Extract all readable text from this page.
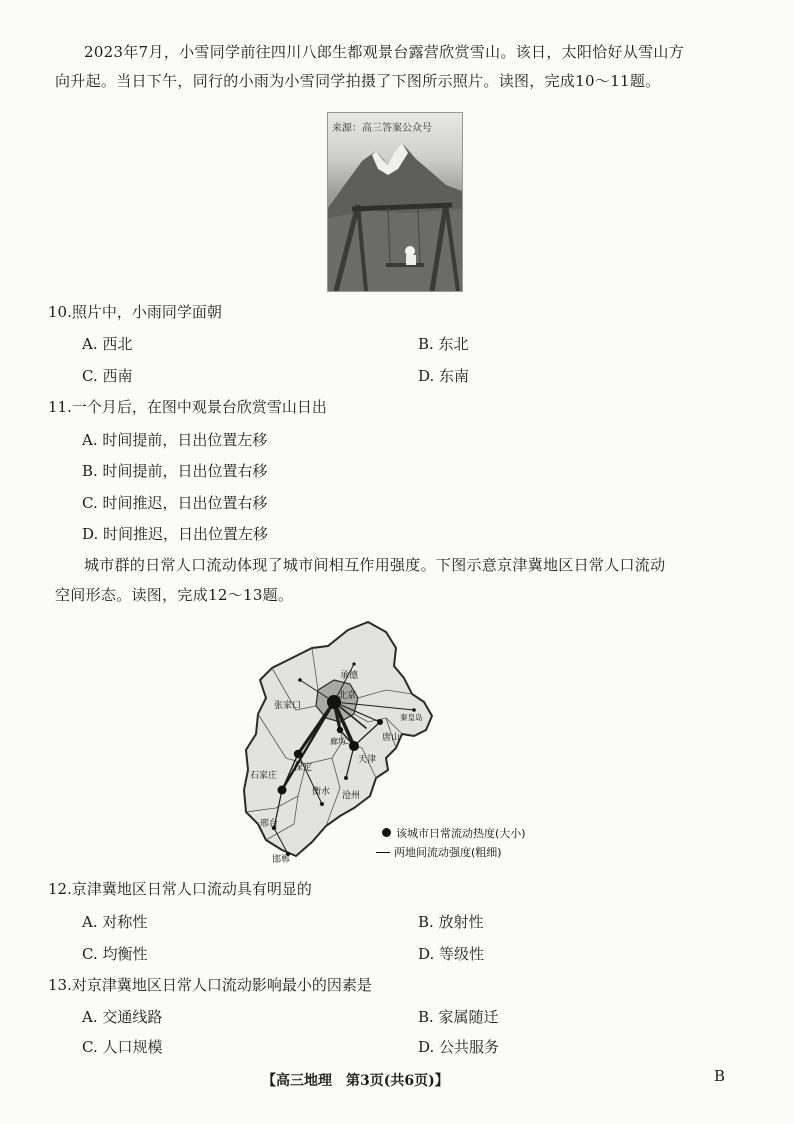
2023年7月，小雪同学前往四川八郎生都观景台露营欣赏雪山。该日，太阳恰好从雪山方
向升起。当日下午，同行的小雨为小雪同学拍摄了下图所示照片。读图，完成10～11题。
来源：高三答案公众号
10.照片中，小雨同学面朝
A. 西北	B. 东北
C. 西南	D. 东南
11.一个月后，在图中观景台欣赏雪山日出
A. 时间提前，日出位置左移
B. 时间提前，日出位置右移
C. 时间推迟，日出位置右移
D. 时间推迟，日出位置左移
城市群的日常人口流动体现了城市间相互作用强度。下图示意京津冀地区日常人口流动
空间形态。读图，完成12～13题。
承德
张家口
北京
秦皇岛
唐山
廊坊
天津
保定
石家庄
沧州
衡水
邢台
邯郸
该城市日常流动热度(大小)
两地间流动强度(粗细)
12.京津冀地区日常人口流动具有明显的
A. 对称性	B. 放射性
C. 均衡性	D. 等级性
13.对京津冀地区日常人口流动影响最小的因素是
A. 交通线路	B. 家属随迁
C. 人口规模	D. 公共服务
【高三地理　第3页(共6页)】	B
